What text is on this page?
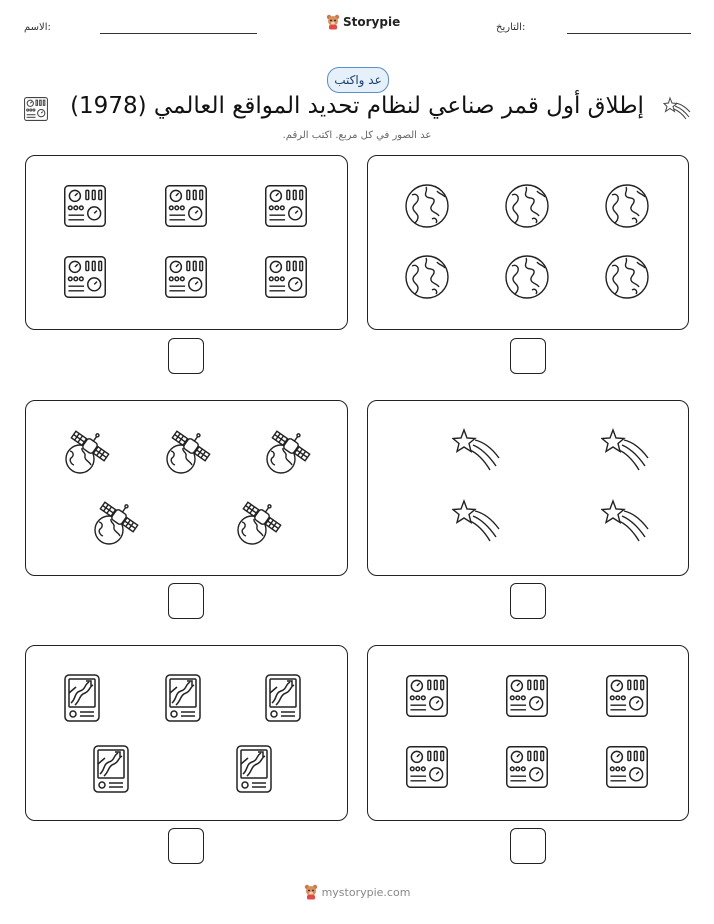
الاسم:	Storypie	التاريخ:
عد واكتب
إطلاق أول قمر صناعي لنظام تحديد المواقع العالمي (1978)
عد الصور في كل مربع. اكتب الرقم.
mystorypie.com
